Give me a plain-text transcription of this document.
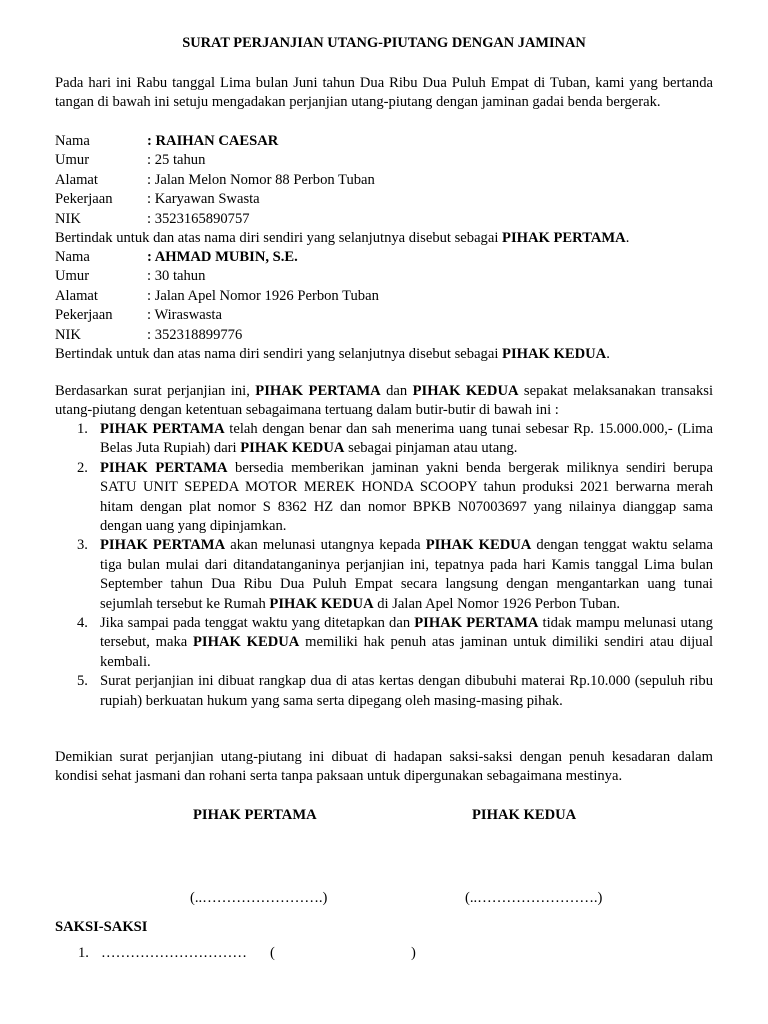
SURAT PERJANJIAN UTANG-PIUTANG DENGAN JAMINAN
Pada hari ini Rabu tanggal Lima bulan Juni tahun Dua Ribu Dua Puluh Empat di Tuban, kami yang bertanda tangan di bawah ini setuju mengadakan perjanjian utang-piutang dengan jaminan gadai benda bergerak.
Nama	: RAIHAN CAESAR
Umur	: 25 tahun
Alamat	: Jalan Melon Nomor 88 Perbon Tuban
Pekerjaan	: Karyawan Swasta
NIK	: 3523165890757
Bertindak untuk dan atas nama diri sendiri yang selanjutnya disebut sebagai PIHAK PERTAMA.
Nama	: AHMAD MUBIN, S.E.
Umur	: 30 tahun
Alamat	: Jalan Apel Nomor 1926 Perbon Tuban
Pekerjaan	: Wiraswasta
NIK	: 352318899776
Bertindak untuk dan atas nama diri sendiri yang selanjutnya disebut sebagai PIHAK KEDUA.
Berdasarkan surat perjanjian ini, PIHAK PERTAMA dan PIHAK KEDUA sepakat melaksanakan transaksi utang-piutang dengan ketentuan sebagaimana tertuang dalam butir-butir di bawah ini :
1. PIHAK PERTAMA telah dengan benar dan sah menerima uang tunai sebesar Rp. 15.000.000,- (Lima Belas Juta Rupiah) dari PIHAK KEDUA sebagai pinjaman atau utang.
2. PIHAK PERTAMA bersedia memberikan jaminan yakni benda bergerak miliknya sendiri berupa SATU UNIT SEPEDA MOTOR MEREK HONDA SCOOPY tahun produksi 2021 berwarna merah hitam dengan plat nomor S 8362 HZ dan nomor BPKB N07003697 yang nilainya dianggap sama dengan uang yang dipinjamkan.
3. PIHAK PERTAMA akan melunasi utangnya kepada PIHAK KEDUA dengan tenggat waktu selama tiga bulan mulai dari ditandatanganinya perjanjian ini, tepatnya pada hari Kamis tanggal Lima bulan September tahun Dua Ribu Dua Puluh Empat secara langsung dengan mengantarkan uang tunai sejumlah tersebut ke Rumah PIHAK KEDUA di Jalan Apel Nomor 1926 Perbon Tuban.
4. Jika sampai pada tenggat waktu yang ditetapkan dan PIHAK PERTAMA tidak mampu melunasi utang tersebut, maka PIHAK KEDUA memiliki hak penuh atas jaminan untuk dimiliki sendiri atau dijual kembali.
5. Surat perjanjian ini dibuat rangkap dua di atas kertas dengan dibubuhi materai Rp.10.000 (sepuluh ribu rupiah) berkuatan hukum yang sama serta dipegang oleh masing-masing pihak.
Demikian surat perjanjian utang-piutang ini dibuat di hadapan saksi-saksi dengan penuh kesadaran dalam kondisi sehat jasmani dan rohani serta tanpa paksaan untuk dipergunakan sebagaimana mestinya.
PIHAK PERTAMA	PIHAK KEDUA
(..…………………….)	(..…………………….)
SAKSI-SAKSI
1. ………………………… (	)
